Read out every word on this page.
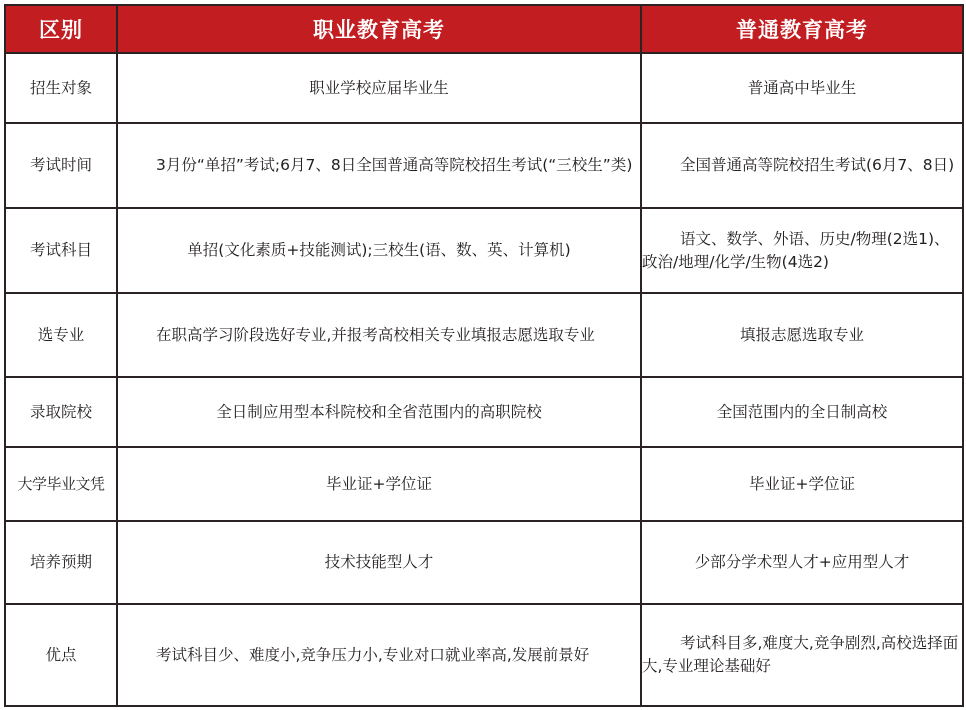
区别	职业教育高考	普通教育高考
招生对象	职业学校应届毕业生	普通高中毕业生
考试时间	3月份“单招”考试;6月7、8日全国普通高等院校招生考试(“三校生”类)	全国普通高等院校招生考试(6月7、8日)
考试科目	单招(文化素质+技能测试);三校生(语、数、英、计算机)	语文、数学、外语、历史/物理(2选1)、政治/地理/化学/生物(4选2)
选专业	在职高学习阶段选好专业,并报考高校相关专业填报志愿选取专业	填报志愿选取专业
录取院校	全日制应用型本科院校和全省范围内的高职院校	全国范围内的全日制高校
大学毕业文凭	毕业证+学位证	毕业证+学位证
培养预期	技术技能型人才	少部分学术型人才+应用型人才
优点	考试科目少、难度小,竞争压力小,专业对口就业率高,发展前景好	考试科目多,难度大,竞争剧烈,高校选择面大,专业理论基础好
